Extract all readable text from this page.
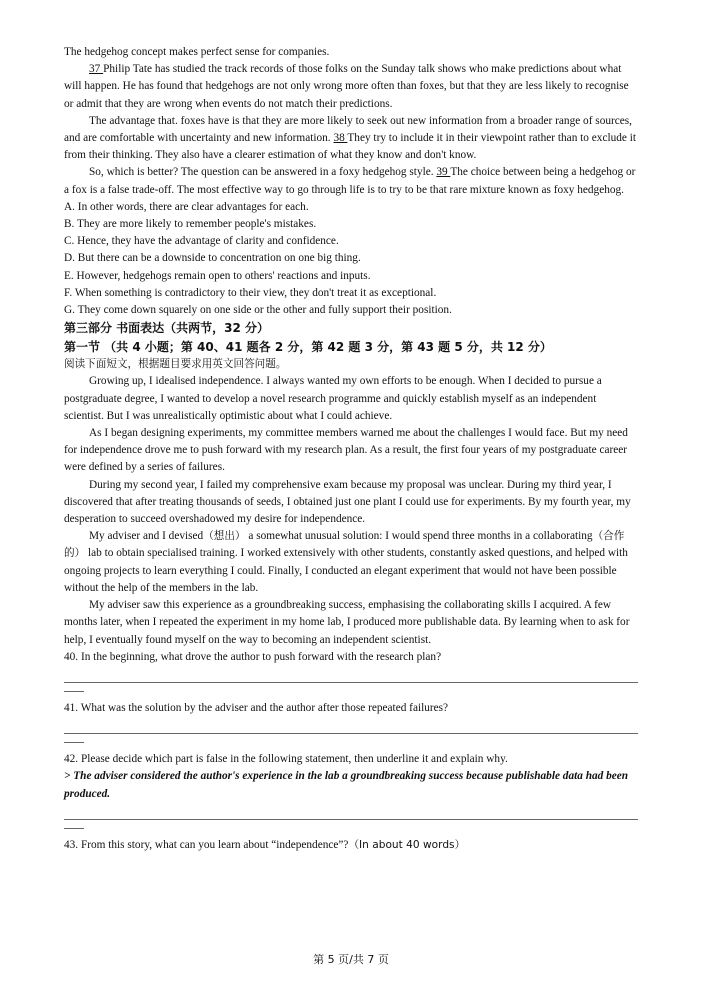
The hedgehog concept makes perfect sense for companies.

37 Philip Tate has studied the track records of those folks on the Sunday talk shows who make predictions about what will happen. He has found that hedgehogs are not only wrong more often than foxes, but that they are less likely to recognise or admit that they are wrong when events do not match their predictions.

The advantage that. foxes have is that they are more likely to seek out new information from a broader range of sources, and are comfortable with uncertainty and new information. 38 They try to include it in their viewpoint rather than to exclude it from their thinking. They also have a clearer estimation of what they know and don't know.

So, which is better? The question can be answered in a foxy hedgehog style. 39 The choice between being a hedgehog or a fox is a false trade-off. The most effective way to go through life is to try to be that rare mixture known as foxy hedgehog.

A. In other words, there are clear advantages for each.

B. They are more likely to remember people's mistakes.

C. Hence, they have the advantage of clarity and confidence.

D. But there can be a downside to concentration on one big thing.

E. However, hedgehogs remain open to others' reactions and inputs.

F. When something is contradictory to their view, they don't treat it as exceptional.

G. They come down squarely on one side or the other and fully support their position.

第三部分 书面表达（共两节，32 分）

第一节 （共 4 小题；第 40、41 题各 2 分，第 42 题 3 分，第 43 题 5 分，共 12 分）

阅读下面短文，根据题目要求用英文回答问题。

Growing up, I idealised independence. I always wanted my own efforts to be enough. When I decided to pursue a postgraduate degree, I wanted to develop a novel research programme and quickly establish myself as an independent scientist. But I was unrealistically optimistic about what I could achieve.

As I began designing experiments, my committee members warned me about the challenges I would face. But my need for independence drove me to push forward with my research plan. As a result, the first four years of my postgraduate career were defined by a series of failures.

During my second year, I failed my comprehensive exam because my proposal was unclear. During my third year, I discovered that after treating thousands of seeds, I obtained just one plant I could use for experiments. By my fourth year, my desperation to succeed overshadowed my desire for independence.

My adviser and I devised（想出） a somewhat unusual solution: I would spend three months in a collaborating（合作的） lab to obtain specialised training. I worked extensively with other students, constantly asked questions, and helped with ongoing projects to learn everything I could. Finally, I conducted an elegant experiment that would not have been possible without the help of the members in the lab.

My adviser saw this experience as a groundbreaking success, emphasising the collaborating skills I acquired. A few months later, when I repeated the experiment in my home lab, I produced more publishable data. By learning when to ask for help, I eventually found myself on the way to becoming an independent scientist.

40. In the beginning, what drove the author to push forward with the research plan?

41. What was the solution by the adviser and the author after those repeated failures?

42. Please decide which part is false in the following statement, then underline it and explain why.

> The adviser considered the author's experience in the lab a groundbreaking success because publishable data had been produced.

43. From this story, what can you learn about “independence”?（In about 40 words）

第 5 页/共 7 页
